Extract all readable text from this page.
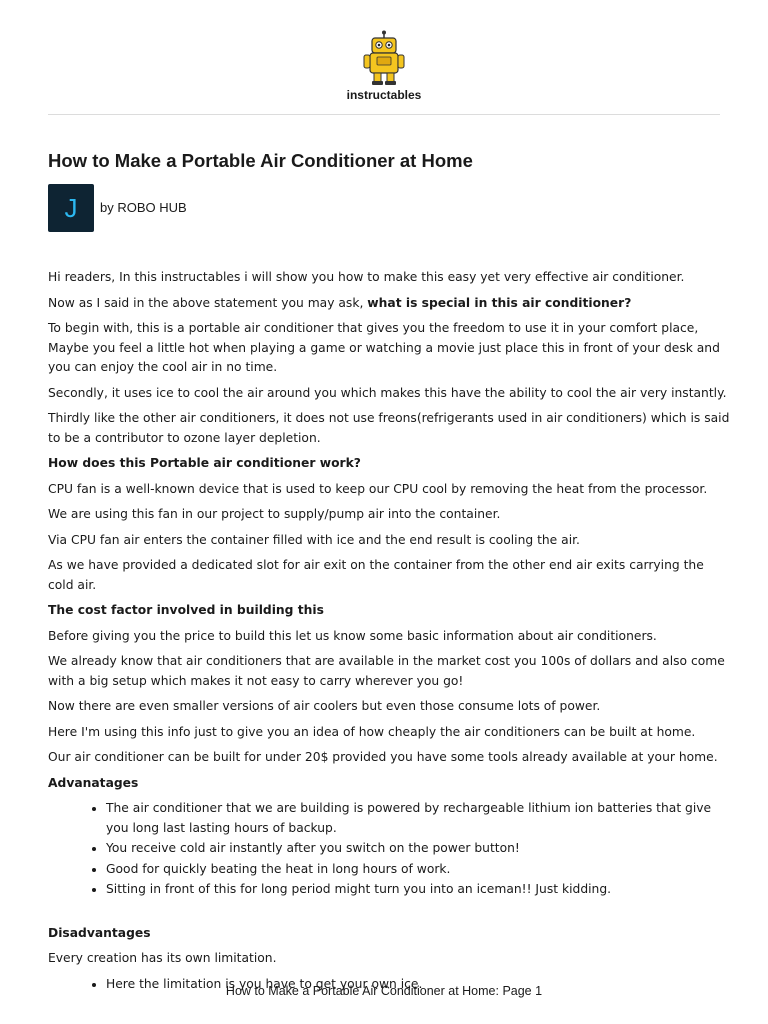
instructables
How to Make a Portable Air Conditioner at Home
J	by ROBO HUB

Hi readers, In this instructables i will show you how to make this easy yet very effective air conditioner.

Now as I said in the above statement you may ask, what is special in this air conditioner?

To begin with, this is a portable air conditioner that gives you the freedom to use it in your comfort place, Maybe you feel a little hot when playing a game or watching a movie just place this in front of your desk and you can enjoy the cool air in no time.

Secondly, it uses ice to cool the air around you which makes this have the ability to cool the air very instantly.

Thirdly like the other air conditioners, it does not use freons(refrigerants used in air conditioners) which is said to be a contributor to ozone layer depletion.

How does this Portable air conditioner work?

CPU fan is a well-known device that is used to keep our CPU cool by removing the heat from the processor.

We are using this fan in our project to supply/pump air into the container.

Via CPU fan air enters the container filled with ice and the end result is cooling the air.

As we have provided a dedicated slot for air exit on the container from the other end air exits carrying the cold air.

The cost factor involved in building this

Before giving you the price to build this let us know some basic information about air conditioners.

We already know that air conditioners that are available in the market cost you 100s of dollars and also come with a big setup which makes it not easy to carry wherever you go!

Now there are even smaller versions of air coolers but even those consume lots of power.

Here I'm using this info just to give you an idea of how cheaply the air conditioners can be built at home.

Our air conditioner can be built for under 20$ provided you have some tools already available at your home.

Advanatages
• The air conditioner that we are building is powered by rechargeable lithium ion batteries that give you long last lasting hours of backup.
• You receive cold air instantly after you switch on the power button!
• Good for quickly beating the heat in long hours of work.
• Sitting in front of this for long period might turn you into an iceman!! Just kidding.
Disadvantages

Every creation has its own limitation.

• Here the limitation is you have to get your own ice.
How to Make a Portable Air Conditioner at Home: Page 1
